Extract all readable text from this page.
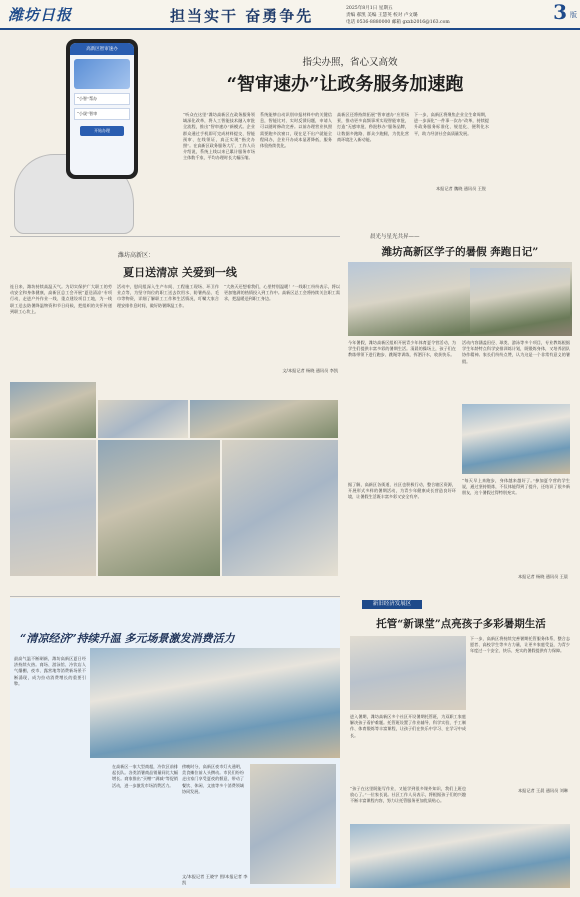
潍坊日报	担当实干 奋勇争先	2025年8月1日 星期五
责编 郝凯 美编 王慧英 校对 卢文璐
电话 0536-8880000 邮箱 gxxb2016@163.com	3 版
高新区智审速办
“小智”帮办
“小晟”智审
开始办理
指尖办照，省心又高效
“智审速办”让政务服务加速跑
“听众在这里”潍坊高新区在政务服务领域深化改革，将人工智能技术融入审批全流程，推出“智审速办”新模式。企业群众通过手机即可完成材料提交、智能预审、在线领证，真正实现“指尖办照”。在高新区政务服务大厅，工作人员介绍说，系统上线以来已累计服务市场主体数千家，平均办理时长大幅压缩。
系统能够自动识别申报材料中的关键信息，智能比对、实时反馈问题，申请人可以随时修改完善。以前办理营业执照需要跑多次窗口，现在足不出户就能全程网办，企业开办成本显著降低，服务体验持续优化。
高新区还将持续拓展“智审速办”应用场景，推动更多高频事项实现智能审批，打造“无感审批、秒批秒办”服务品牌，让数据多跑路、群众少跑腿，为优化营商环境注入新动能。
下一步，高新区将聚焦企业全生命周期，进一步深化“一件事一次办”改革，持续提升政务服务标准化、规范化、便利化水平，助力经济社会高质量发展。
本报记者 魏晓 通讯员 王锐
晨光与星光共昇——
潍坊高新区学子的暑假 奔跑日记”
潍坊高新区：
夏日送清凉 关爱到一线
连日来，潍坊持续高温天气。为切实保护广大职工的劳动安全和身体健康，高新区总工会开展“夏送清凉”专项行动，走进户外作业一线、重点建设项目工地，为一线职工送去防暑降温物资和节日问候，把组织的关怀传递到职工心坎上。
活动中，慰问组深入生产车间、工程施工现场、环卫作业点等，为坚守岗位的职工送去饮用水、防暑药品、毛巾等物资，详细了解职工工作和生活情况，叮嘱大家合理安排作息时间，做好防暑降温工作。
“大热天还想着我们，心里特别温暖！”一线职工纷纷表示，将以更加饱满的热情投入到工作中。高新区总工会将持续关注职工需求，把温暖送到职工身边。
文/本报记者 杨晓 通讯员 李凯
今年暑假，潍坊高新区组织开展青少年体育夏令营活动，为学生们提供丰富多彩的暑期生活。清晨的操场上，孩子们在教练带领下进行跑步、跳绳等训练，挥洒汗水，收获快乐。
活动内容涵盖田径、球类、游泳等多个项目，专业教练根据学生年龄特点科学安排训练计划，既锻炼身体，又培养团队协作精神。家长们纷纷点赞，认为这是一个非常有意义的暑假。
据了解，高新区各街道、社区也积极行动，整合辖区资源，开展形式多样的暑期活动，为青少年健康成长营造良好环境，让暑假生活既丰富多彩又安全有序。
“每天早上来跑步，身体越来越好了。”参加夏令营的学生说，通过坚持锻炼，不仅体能得到了提升，还结识了很多新朋友，这个暑假过得特别充实。
本报记者 杨晓 通讯员 王晨
“清凉经济”持续升温 多元场景激发消费活力
最高气温不断刷新，潍坊高新区夏日经济持续火热。商场、游泳馆、冷饮店人气爆棚，夜市、露营地等消费新场景不断涌现，成为拉动消费增长的重要引擎。
在高新区一家大型商超，冷饮区前排起长队。各类消暑商品销量同比大幅增长。商家推出“买赠”“满减”等促销活动，进一步激发市场消费活力。
傍晚时分，高新区夜市灯火通明，美食摊位前人头攒动。市民们纷纷走出家门享受夏夜的惬意，带动了餐饮、休闲、文旅等多个消费领域协同发展。
文/本报记者 王晓宇 图/本报记者 李凯
新旧经济发展区
托管“新课堂”点亮孩子多彩暑期生活
下一步，高新区将持续完善暑期托管服务体系，整合志愿者、高校学生等多方力量，让更多家庭受益，为青少年度过一个安全、快乐、充实的暑假提供有力保障。
进入暑期，潍坊高新区多个社区开设暑期托管班，为双职工家庭解决孩子看护难题。托管班设置了作业辅导、科学实验、手工制作、体育锻炼等丰富课程，让孩子们在快乐中学习、在学习中成长。
“孩子在这里既能写作业，又能学到很多课外知识，我们上班也放心了。”一位家长说。社区工作人员表示，将根据孩子们的兴趣不断丰富课程内容，努力让托管服务更加优质贴心。
本报记者 王晨 通讯员 刘琳
